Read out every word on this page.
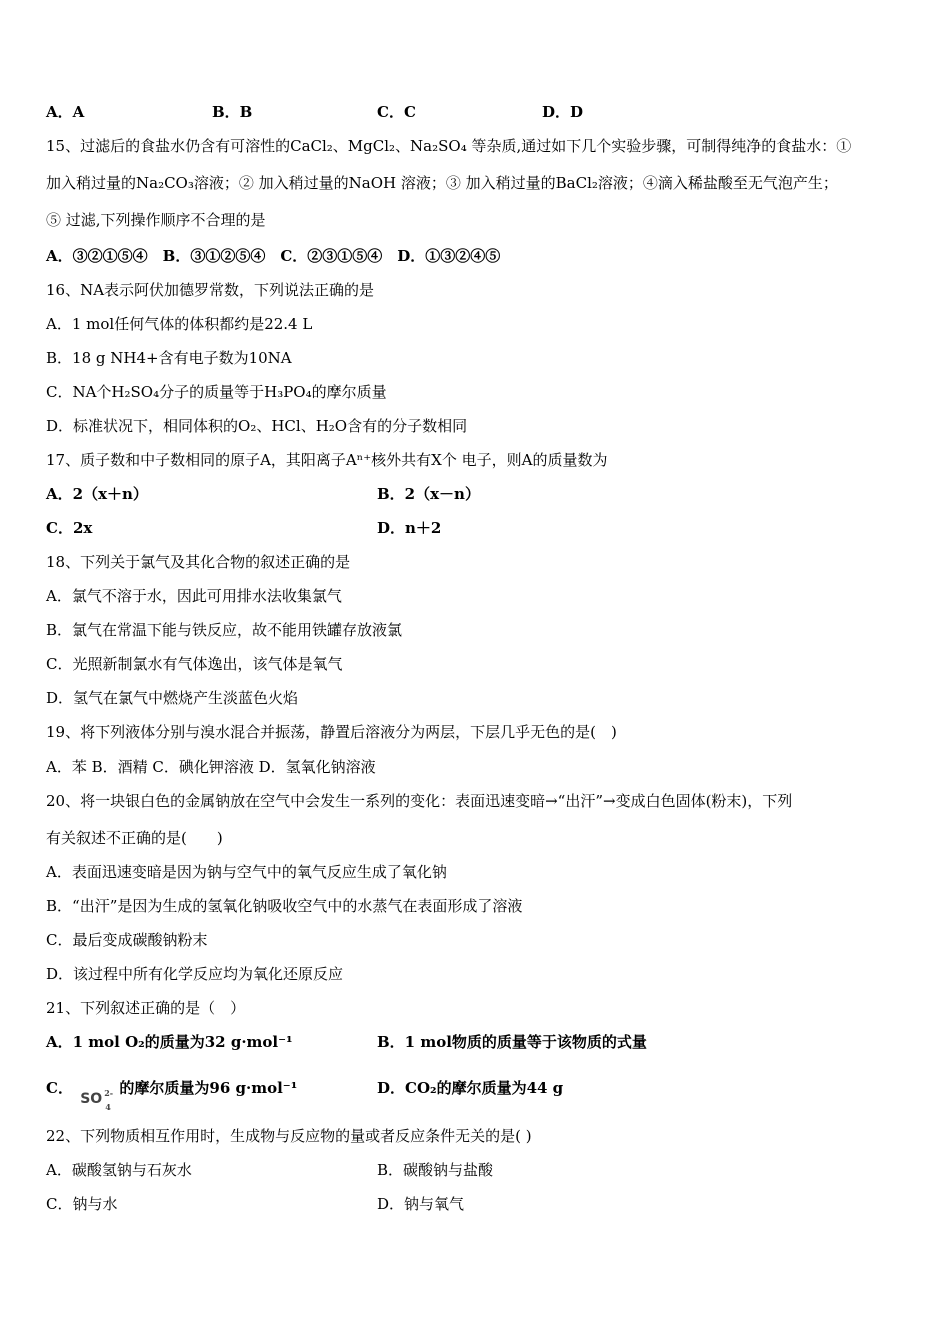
A．A	B．B	C．C	D．D
15、过滤后的食盐水仍含有可溶性的CaCl₂、MgCl₂、Na₂SO₄ 等杂质,通过如下几个实验步骤，可制得纯净的食盐水：①
加入稍过量的Na₂CO₃溶液；② 加入稍过量的NaOH 溶液；③ 加入稍过量的BaCl₂溶液；④滴入稀盐酸至无气泡产生；
⑤ 过滤,下列操作顺序不合理的是
A．③②①⑤④　B．③①②⑤④　C．②③①⑤④　D．①③②④⑤
16、NA表示阿伏加德罗常数，下列说法正确的是
A．1 mol任何气体的体积都约是22.4 L
B．18 g NH4+含有电子数为10NA
C．NA个H₂SO₄分子的质量等于H₃PO₄的摩尔质量
D．标准状况下，相同体积的O₂、HCl、H₂O含有的分子数相同
17、质子数和中子数相同的原子A，其阳离子Aⁿ⁺核外共有X个 电子，则A的质量数为
A．2（x＋n）	B．2（x－n）
C．2x	D．n＋2
18、下列关于氯气及其化合物的叙述正确的是
A．氯气不溶于水，因此可用排水法收集氯气
B．氯气在常温下能与铁反应，故不能用铁罐存放液氯
C．光照新制氯水有气体逸出，该气体是氧气
D．氢气在氯气中燃烧产生淡蓝色火焰
19、将下列液体分别与溴水混合并振荡，静置后溶液分为两层，下层几乎无色的是(　)
A．苯 B．酒精 C．碘化钾溶液 D．氢氧化钠溶液
20、将一块银白色的金属钠放在空气中会发生一系列的变化：表面迅速变暗→“出汗”→变成白色固体(粉末)，下列
有关叙述不正确的是(　　)
A．表面迅速变暗是因为钠与空气中的氧气反应生成了氧化钠
B．“出汗”是因为生成的氢氧化钠吸收空气中的水蒸气在表面形成了溶液
C．最后变成碳酸钠粉末
D．该过程中所有化学反应均为氧化还原反应
21、下列叙述正确的是（　）
A．1 mol O₂的质量为32 g·mol⁻¹	B．1 mol物质的质量等于该物质的式量
C．
SO 2-
4
的摩尔质量为96 g·mol⁻¹	D．CO₂的摩尔质量为44 g
22、下列物质相互作用时，生成物与反应物的量或者反应条件无关的是( )
A．碳酸氢钠与石灰水	B．碳酸钠与盐酸
C．钠与水	D．钠与氧气
